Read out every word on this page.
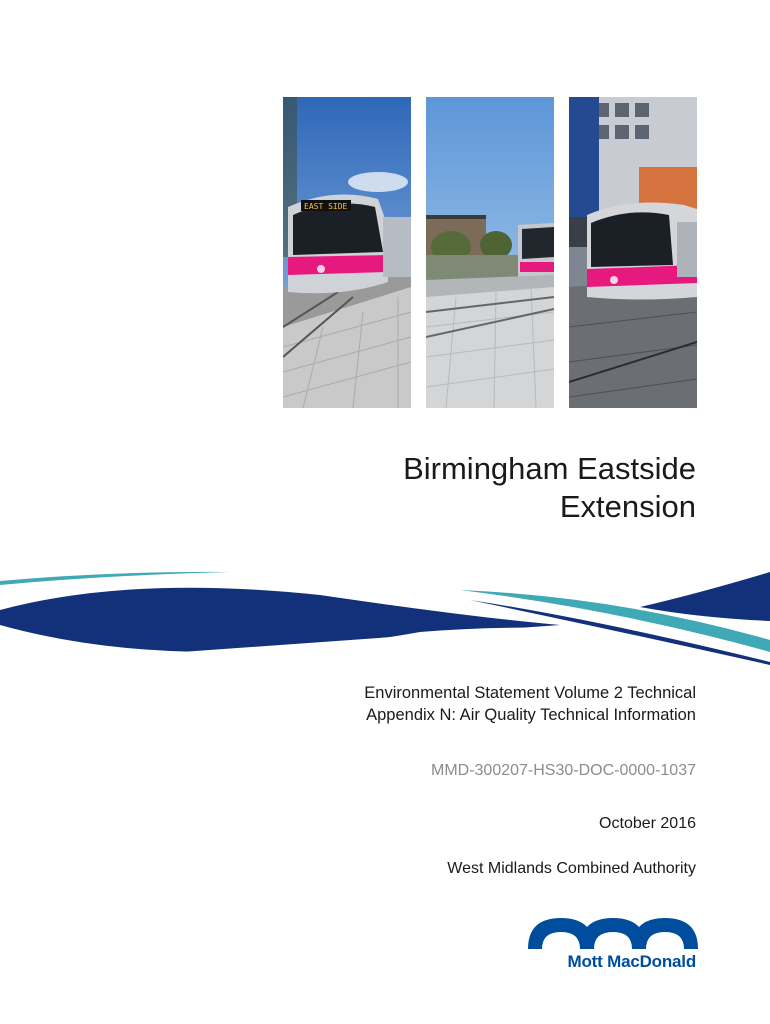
EAST SIDE
Birmingham Eastside
Extension
Environmental Statement Volume 2 Technical
Appendix N: Air Quality Technical Information
MMD-300207-HS30-DOC-0000-1037
October 2016
West Midlands Combined Authority
Mott MacDonald
